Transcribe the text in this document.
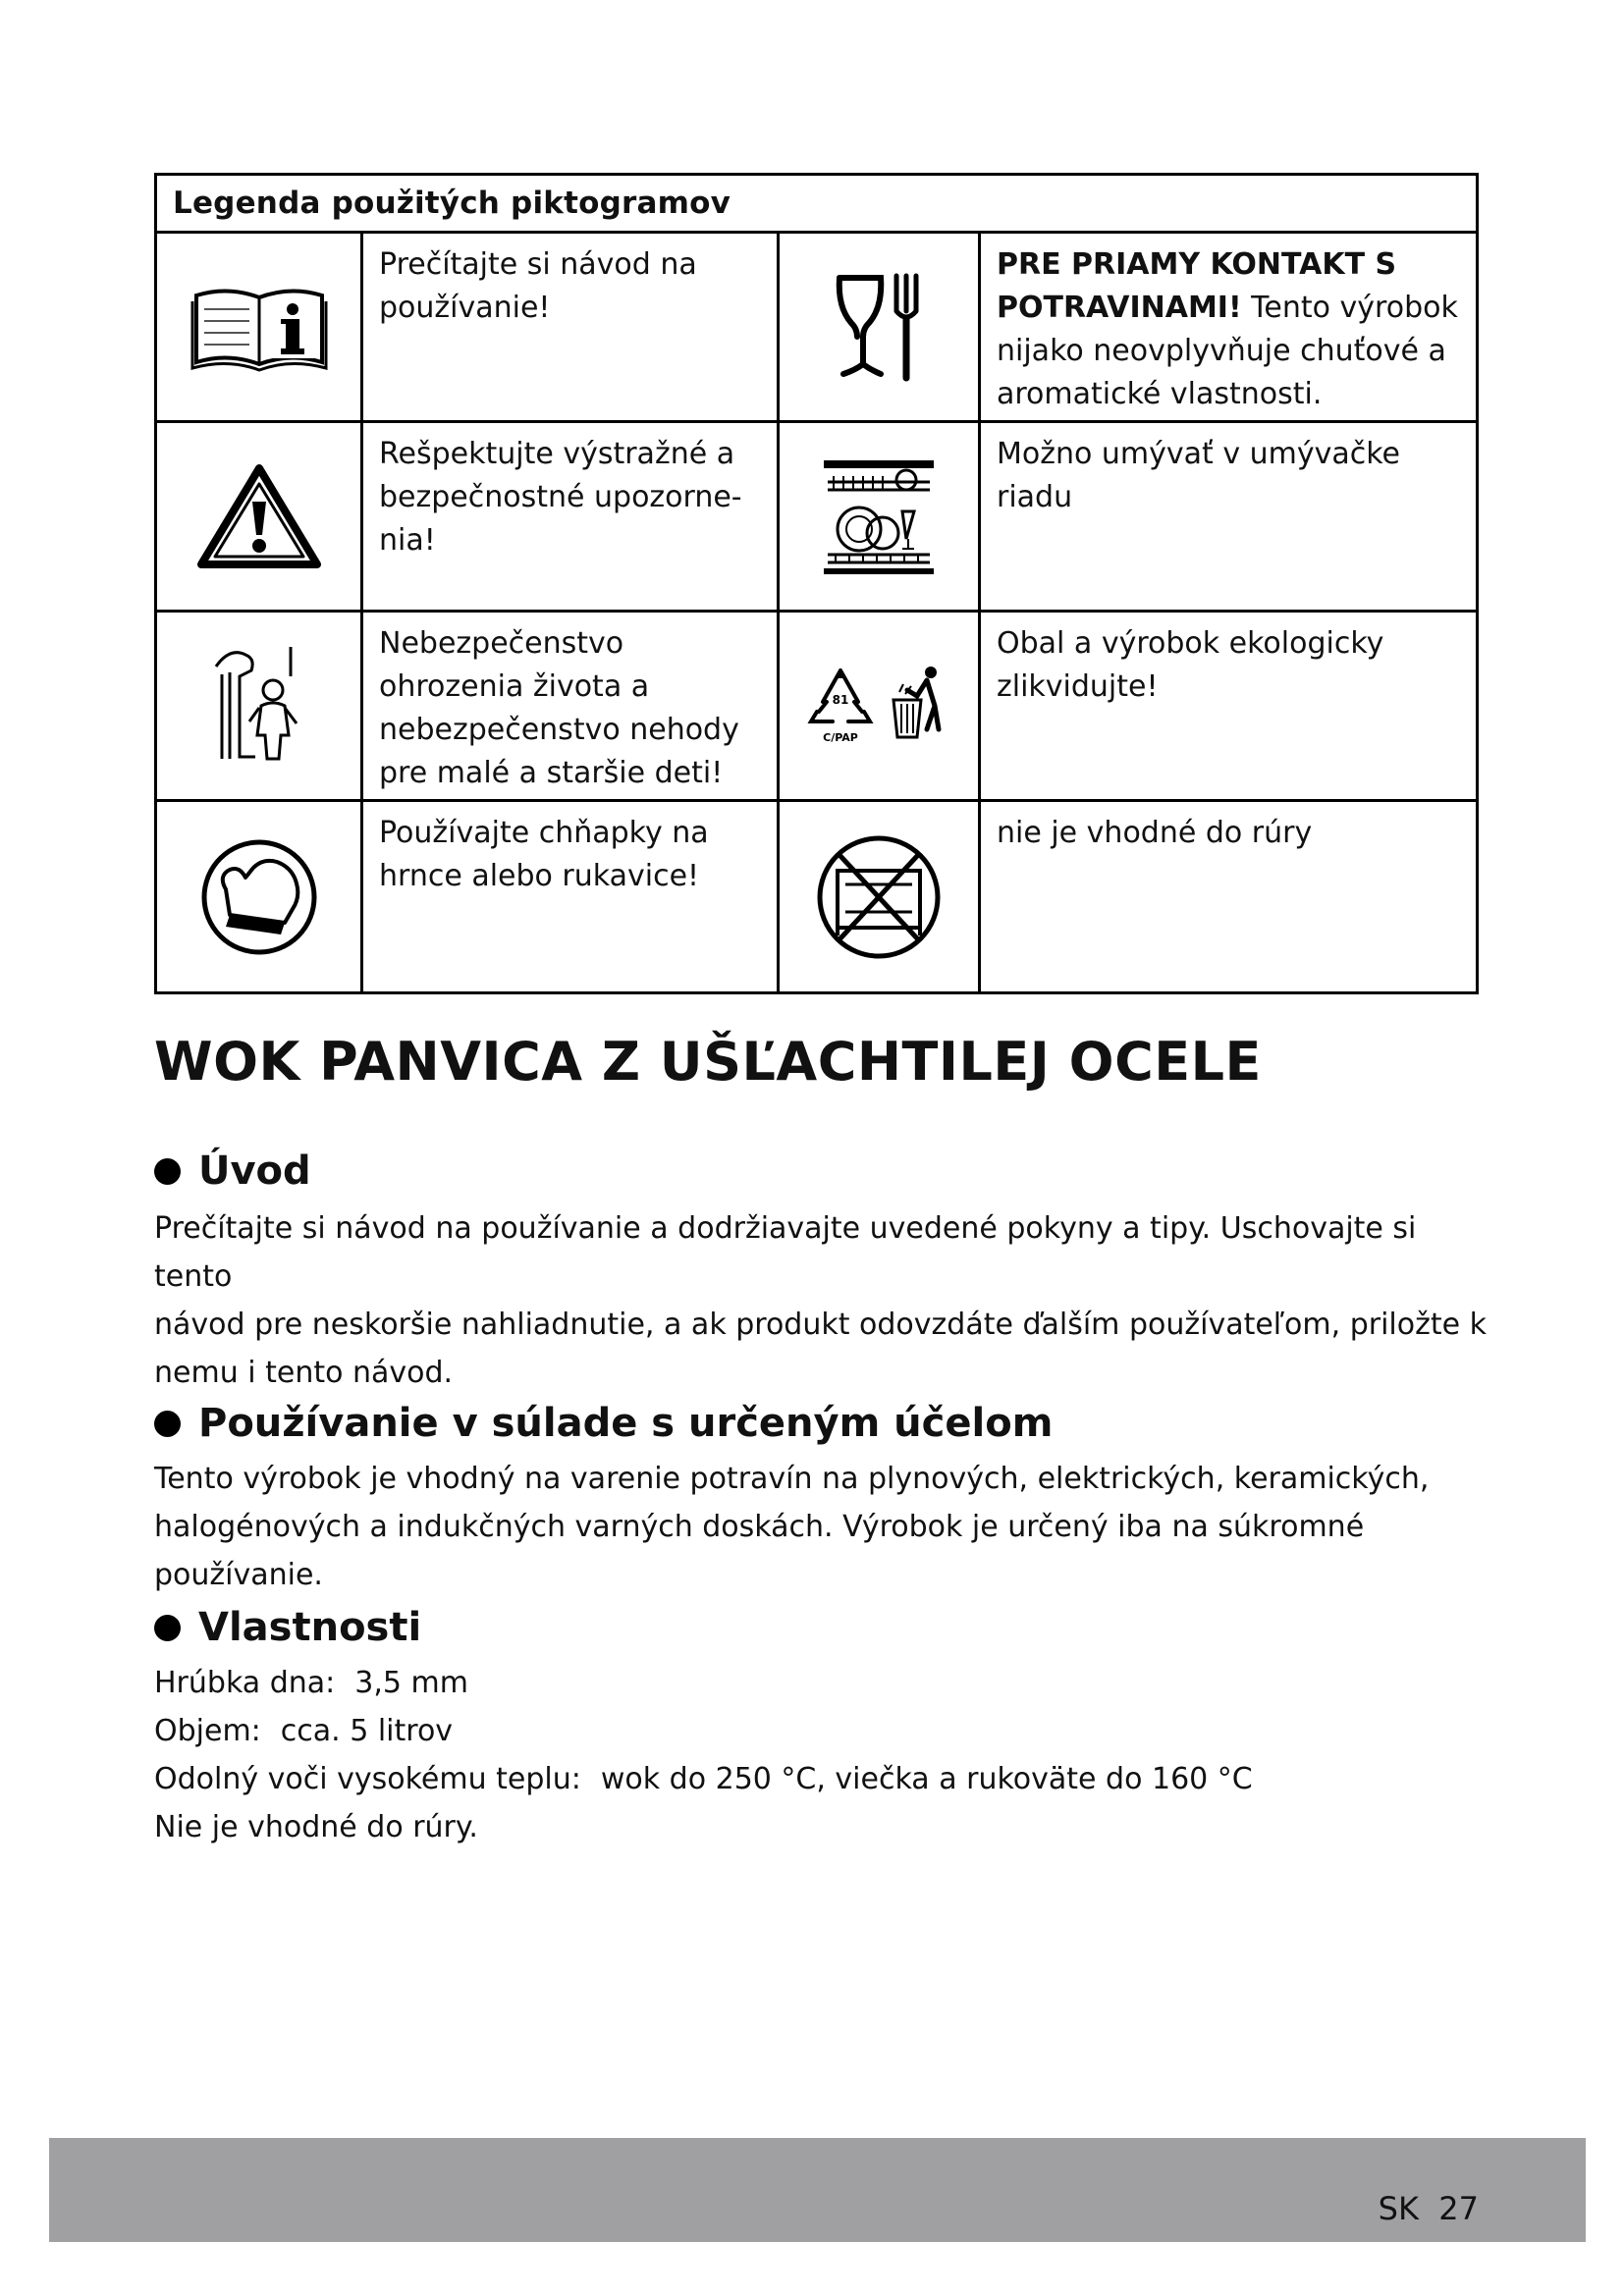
Legenda použitých piktogramov
Prečítajte si návod na používanie!
PRE PRIAMY KONTAKT S POTRAVINAMI! Tento výrobok nijako neovplyvňuje chuťové a aromatické vlastnosti.
Rešpektujte výstražné a bezpečnostné upozorne-nia!
Možno umývať v umývačke riadu
Nebezpečenstvo ohrozenia života a nebezpečenstvo nehody pre malé a staršie deti!
81
C/PAP
Obal a výrobok ekologicky zlikvidujte!
Používajte chňapky na hrnce alebo rukavice!
nie je vhodné do rúry
WOK PANVICA Z UŠĽACHTILEJ OCELE
Úvod
Prečítajte si návod na používanie a dodržiavajte uvedené pokyny a tipy. Uschovajte si tento
návod pre neskoršie nahliadnutie, a ak produkt odovzdáte ďalším používateľom, priložte k
nemu i tento návod.
Používanie v súlade s určeným účelom
Tento výrobok je vhodný na varenie potravín na plynových, elektrických, keramických,
halogénových a indukčných varných doskách. Výrobok je určený iba na súkromné používanie.
Vlastnosti
Hrúbka dna: 3,5 mm
Objem: cca. 5 litrov
Odolný voči vysokému teplu: wok do 250 °C, viečka a rukoväte do 160 °C
Nie je vhodné do rúry.
SK 27
